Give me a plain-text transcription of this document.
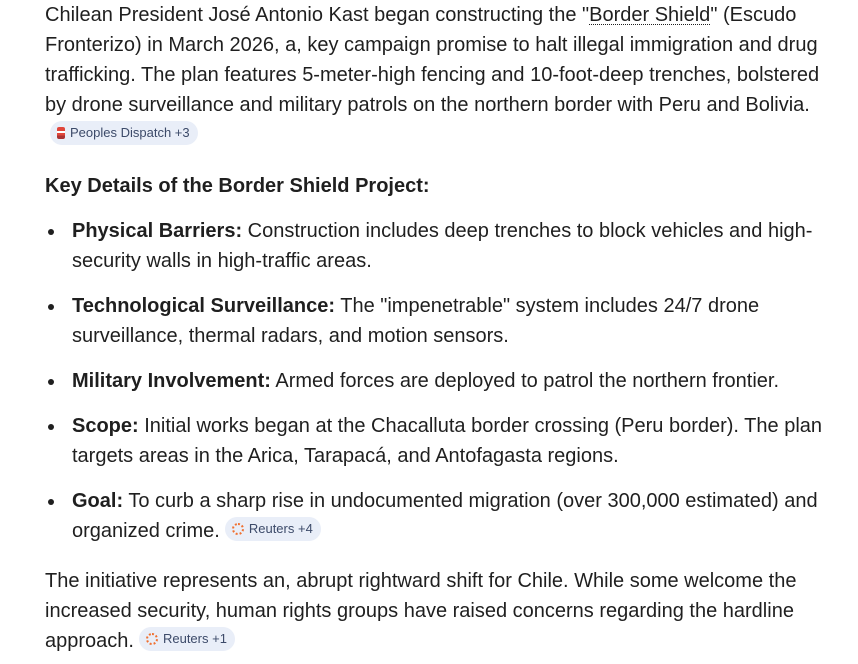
Chilean President José Antonio Kast began constructing the "Border Shield" (Escudo Fronterizo) in March 2026, a, key campaign promise to halt illegal immigration and drug trafficking. The plan features 5-meter-high fencing and 10-foot-deep trenches, bolstered by drone surveillance and military patrols on the northern border with Peru and Bolivia.
Peoples Dispatch +3

Key Details of the Border Shield Project:

Physical Barriers: Construction includes deep trenches to block vehicles and high-security walls in high-traffic areas.
Technological Surveillance: The "impenetrable" system includes 24/7 drone surveillance, thermal radars, and motion sensors.
Military Involvement: Armed forces are deployed to patrol the northern frontier.
Scope: Initial works began at the Chacalluta border crossing (Peru border). The plan targets areas in the Arica, Tarapacá, and Antofagasta regions.
Goal: To curb a sharp rise in undocumented migration (over 300,000 estimated) and organized crime. Reuters +4

The initiative represents an, abrupt rightward shift for Chile. While some welcome the increased security, human rights groups have raised concerns regarding the hardline approach. Reuters +1
